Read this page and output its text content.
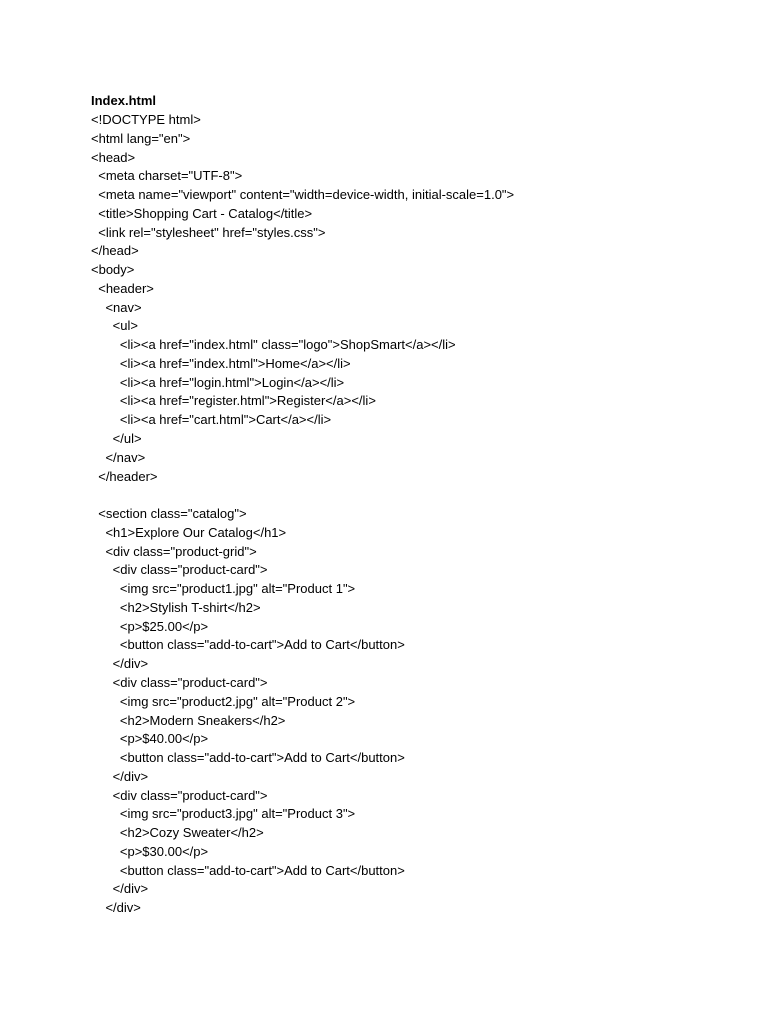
Index.html
<!DOCTYPE html>
<html lang="en">
<head>
<meta charset="UTF-8">
<meta name="viewport" content="width=device-width, initial-scale=1.0">
<title>Shopping Cart - Catalog</title>
<link rel="stylesheet" href="styles.css">
</head>
<body>
<header>
<nav>
<ul>
<li><a href="index.html" class="logo">ShopSmart</a></li>
<li><a href="index.html">Home</a></li>
<li><a href="login.html">Login</a></li>
<li><a href="register.html">Register</a></li>
<li><a href="cart.html">Cart</a></li>
</ul>
</nav>
</header>
<section class="catalog">
<h1>Explore Our Catalog</h1>
<div class="product-grid">
<div class="product-card">
<img src="product1.jpg" alt="Product 1">
<h2>Stylish T-shirt</h2>
<p>$25.00</p>
<button class="add-to-cart">Add to Cart</button>
</div>
<div class="product-card">
<img src="product2.jpg" alt="Product 2">
<h2>Modern Sneakers</h2>
<p>$40.00</p>
<button class="add-to-cart">Add to Cart</button>
</div>
<div class="product-card">
<img src="product3.jpg" alt="Product 3">
<h2>Cozy Sweater</h2>
<p>$30.00</p>
<button class="add-to-cart">Add to Cart</button>
</div>
</div>
